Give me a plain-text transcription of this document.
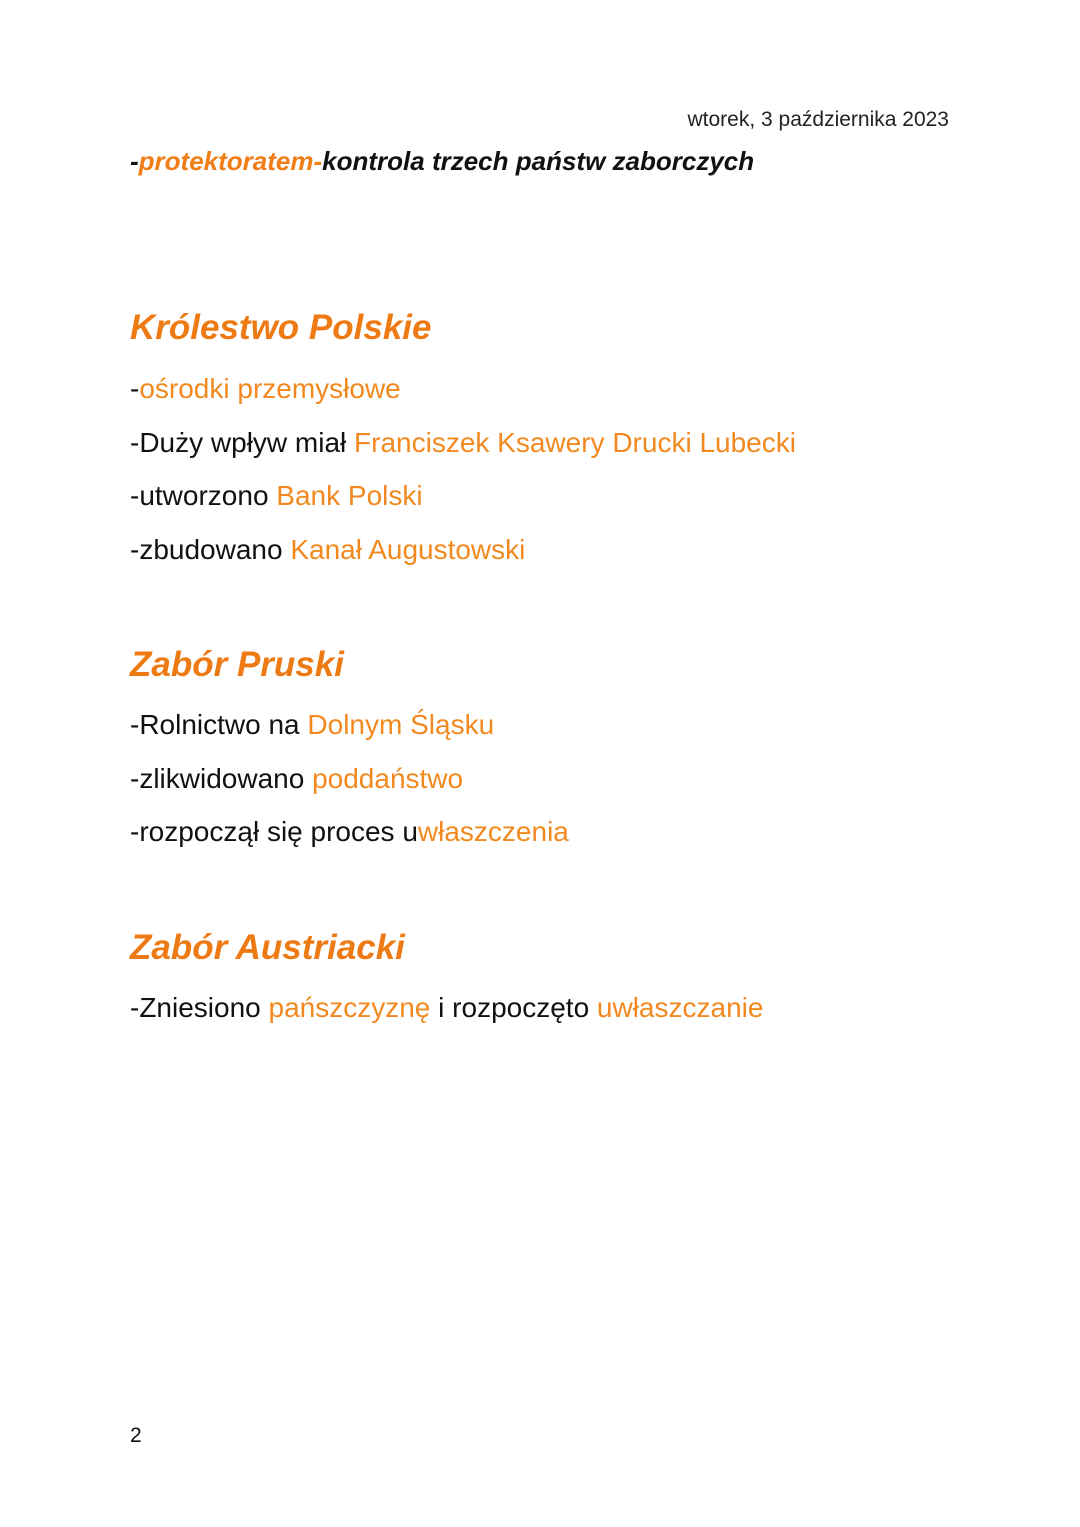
wtorek, 3 października 2023
-protektoratem-kontrola trzech państw zaborczych
Królestwo Polskie
-ośrodki przemysłowe
-Duży wpływ miał Franciszek Ksawery Drucki Lubecki
-utworzono Bank Polski
-zbudowano Kanał Augustowski
Zabór Pruski
-Rolnictwo na Dolnym Śląsku
-zlikwidowano poddaństwo
-rozpoczął się proces uwłaszczenia
Zabór Austriacki
-Zniesiono pańszczyznę i rozpoczęto uwłaszczanie
2
